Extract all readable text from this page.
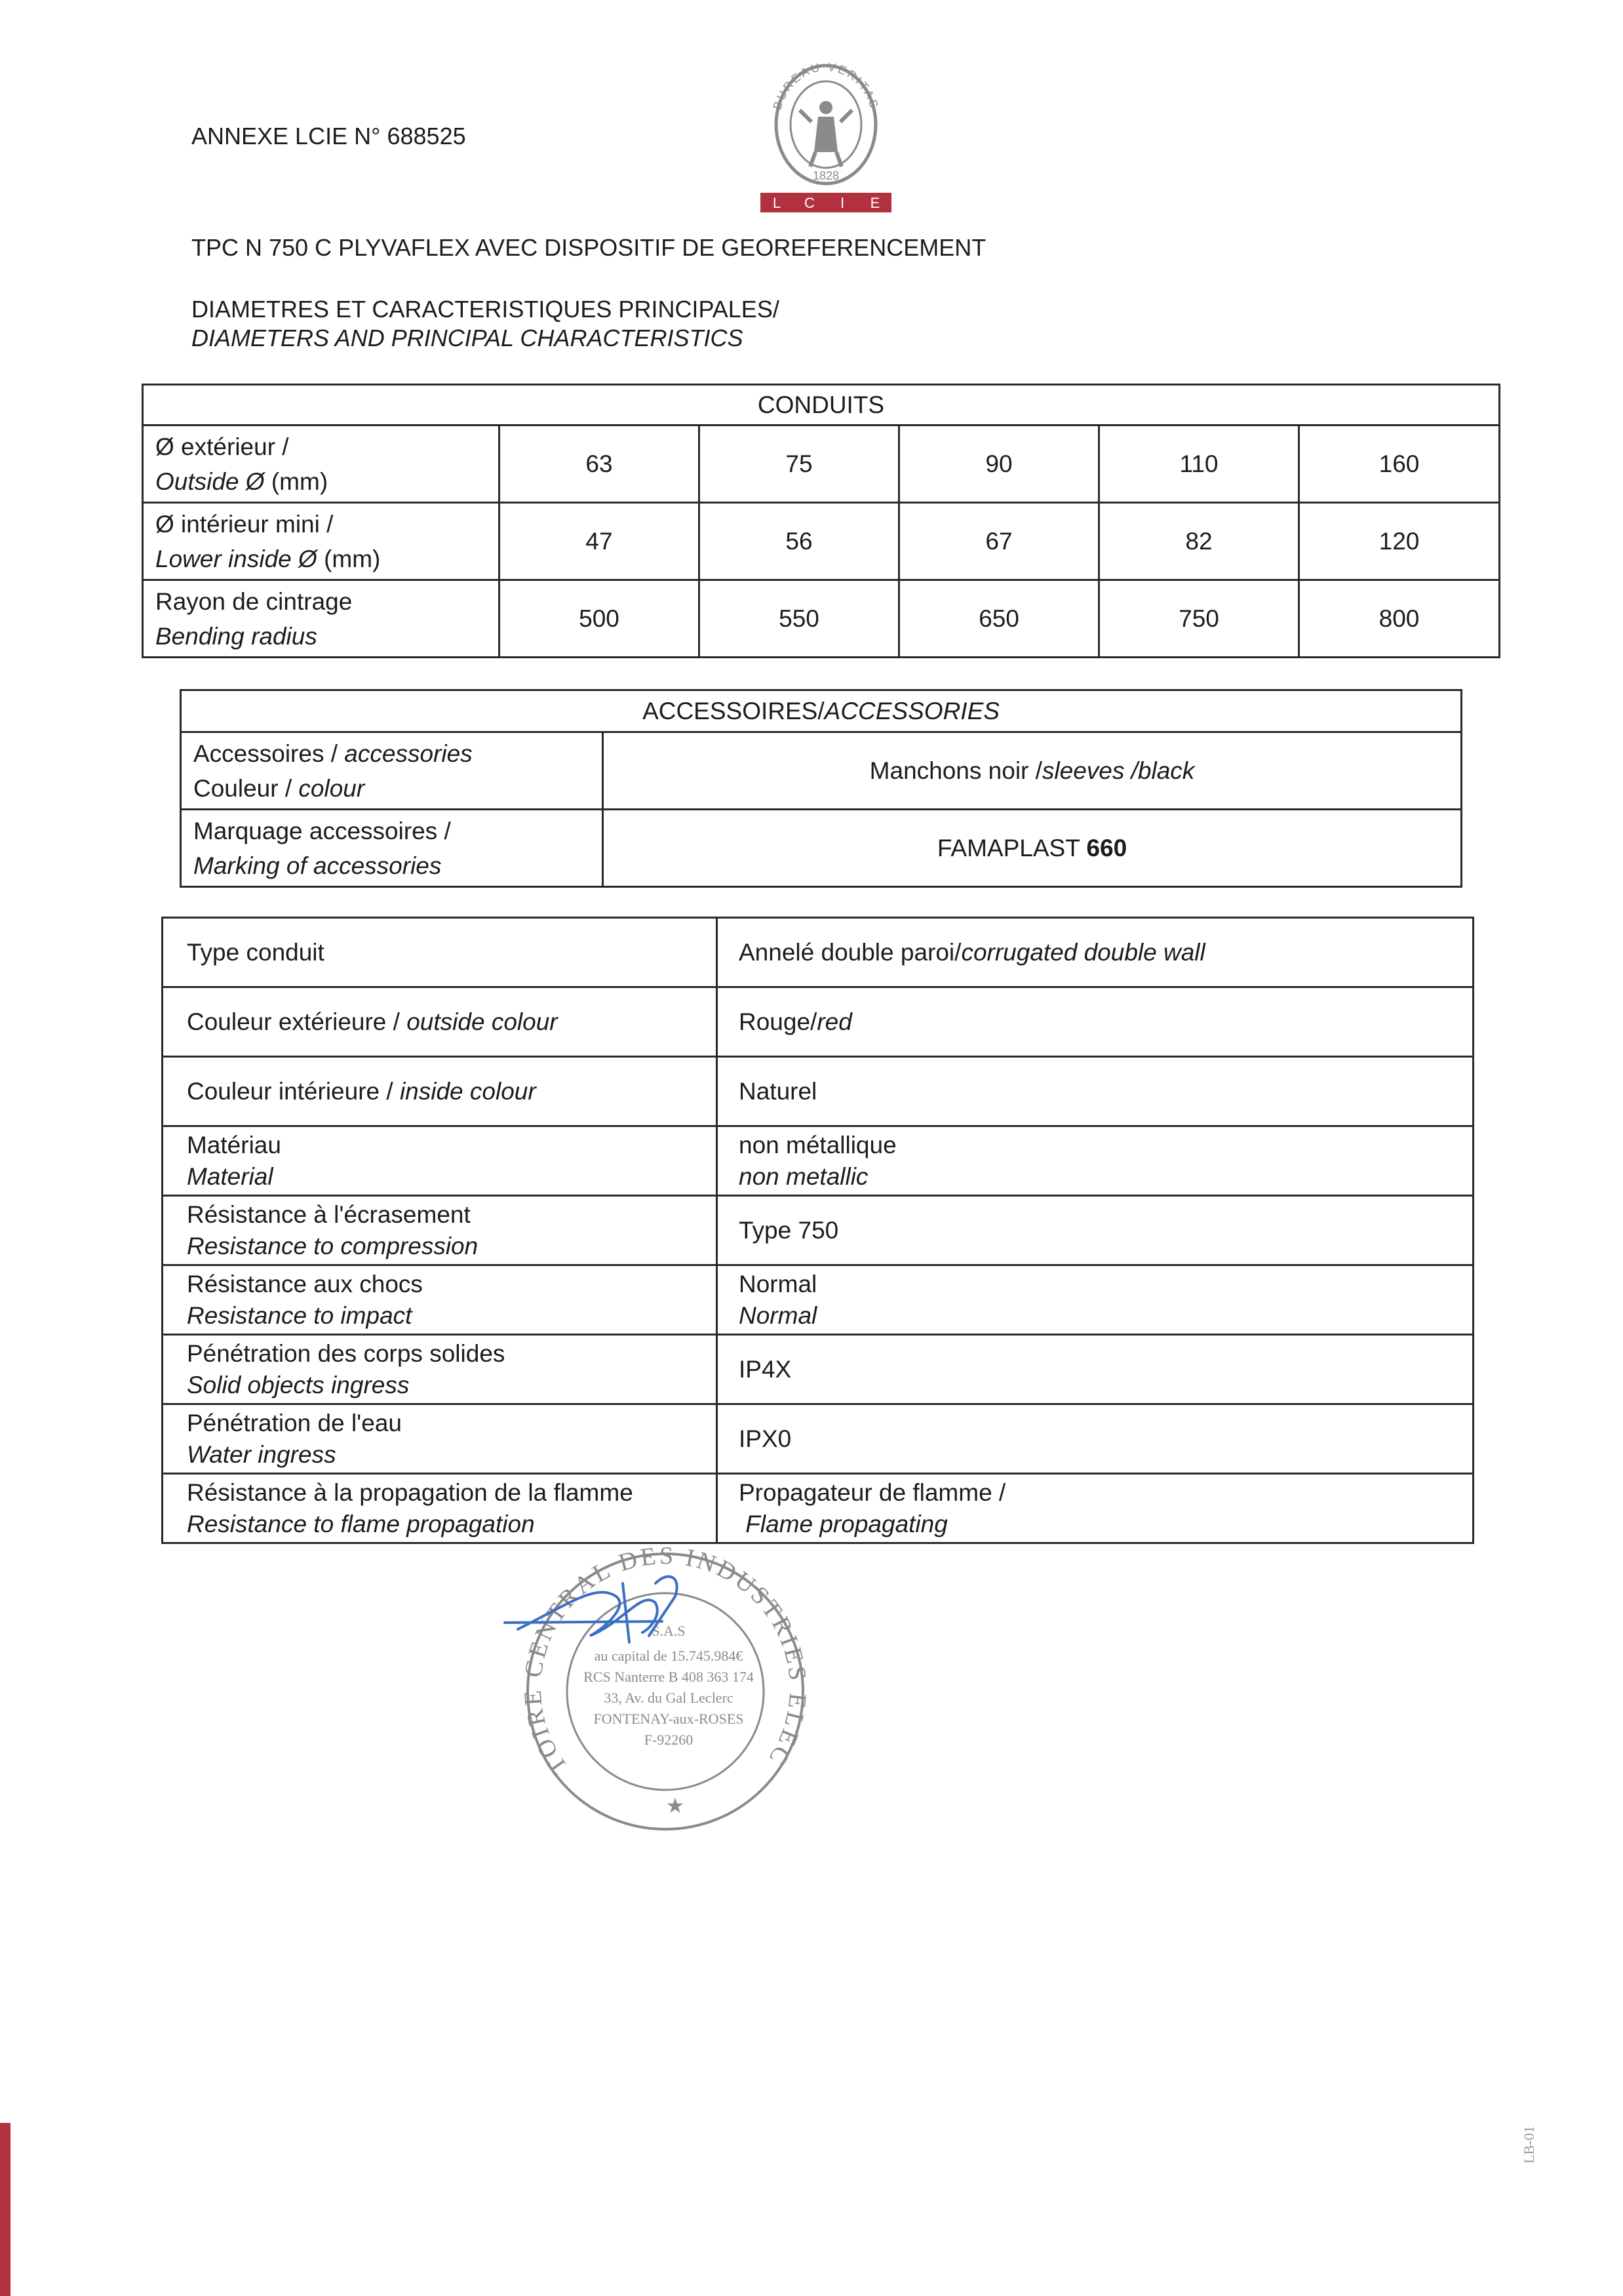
ANNEXE LCIE N° 688525
BUREAU VERITAS
1828
L C I E
TPC N 750 C PLYVAFLEX AVEC DISPOSITIF DE GEOREFERENCEMENT
DIAMETRES ET CARACTERISTIQUES PRINCIPALES/
DIAMETERS AND PRINCIPAL CHARACTERISTICS
CONDUITS					

Ø extérieur /
Outside Ø (mm)	63	75	90	110	160

Ø intérieur mini /
Lower inside Ø (mm)	47	56	67	82	120

Rayon de cintrage
Bending radius	500	550	650	750	800
ACCESSOIRES/ACCESSORIES	

Accessoires / accessories
Couleur / colour	Manchons noir /sleeves /black

Marquage accessoires /
Marking of accessories	FAMAPLAST 660
Type conduit	Annelé double paroi/corrugated double wall
Couleur extérieure / outside colour	Rouge/red
Couleur intérieure / inside colour	Naturel

Matériau
Material	non métallique
non metallic

Résistance à l'écrasement
Resistance to compression	Type 750

Résistance aux chocs
Resistance to impact	Normal
Normal

Pénétration des corps solides
Solid objects ingress	IP4X

Pénétration de l'eau
Water ingress	IPX0

Résistance à la propagation de la flamme
Resistance to flame propagation	Propagateur de flamme /
Flame propagating
TOIRE CENTRAL DES INDUSTRIES ELEC
S.A.S
au capital de 15.745.984€
RCS Nanterre B 408 363 174
33, Av. du Gal Leclerc
FONTENAY-aux-ROSES
F-92260
★
LB-01
